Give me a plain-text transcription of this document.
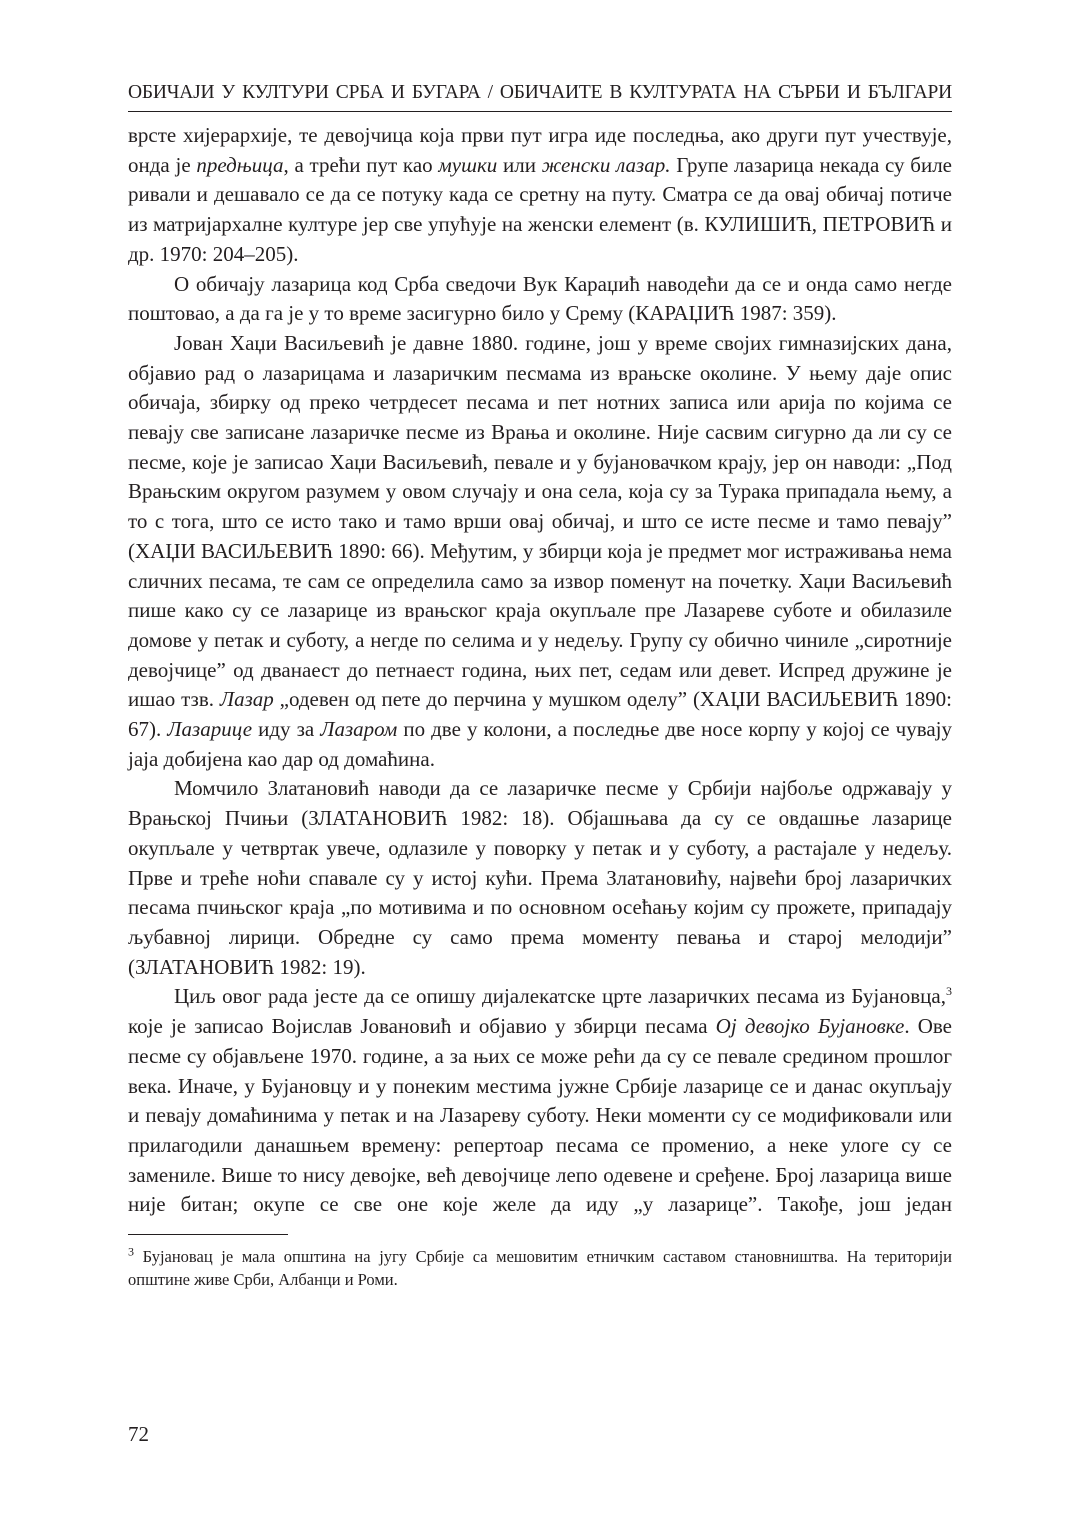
ОБИЧАЈИ У КУЛТУРИ СРБА И БУГАРА / ОБИЧАИТЕ В КУЛТУРАТА НА СЪРБИ И БЪЛГАРИ

врсте хијерархије, те девојчица која први пут игра иде последња, ако други пут учествује, онда је предњица, а трећи пут као мушки или женски лазар. Групе лазарица некада су биле ривали и дешавало се да се потуку када се сретну на путу. Сматра се да овај обичај потиче из матријархалне културе јер све упућује на женски елемент (в. КУЛИШИЋ, ПЕТРОВИЋ и др. 1970: 204–205).

О обичају лазарица код Срба сведочи Вук Караџић наводећи да се и онда само негде поштовао, а да га је у то време засигурно било у Срему (КАРАЏИЋ 1987: 359).

Јован Хаџи Васиљевић је давне 1880. године, још у време својих гимназијских дана, објавио рад о лазарицама и лазаричким песмама из врањске околине. У њему даје опис обичаја, збирку од преко четрдесет песама и пет нотних записа или арија по којима се певају све записане лазаричке песме из Врања и околине. Није сасвим сигурно да ли су се песме, које је записао Хаџи Васиљевић, певале и у бујановачком крају, јер он наводи: „Под Врањским округом разумем у овом случају и она села, која су за Турака припадала њему, а то с тога, што се исто тако и тамо врши овај обичај, и што се исте песме и тамо певају” (ХАЏИ ВАСИЉЕВИЋ 1890: 66). Међутим, у збирци која је предмет мог истраживања нема сличних песама, те сам се определила само за извор поменут на почетку. Хаџи Васиљевић пише како су се лазарице из врањског краја окупљале пре Лазареве суботе и обилазиле домове у петак и суботу, а негде по селима и у недељу. Групу су обично чиниле „сиротније девојчице” од дванаест до петнаест година, њих пет, седам или девет. Испред дружине је ишао тзв. Лазар „одевен од пете до перчина у мушком оделу” (ХАЏИ ВАСИЉЕВИЋ 1890: 67). Лазарице иду за Лазаром по две у колони, а последње две носе корпу у којој се чувају јаја добијена као дар од домаћина.

Момчило Златановић наводи да се лазаричке песме у Србији најбоље одржавају у Врањској Пчињи (ЗЛАТАНОВИЋ 1982: 18). Објашњава да су се овдашње лазарице окупљале у четвртак увече, одлазиле у поворку у петак и у суботу, а растајале у недељу. Прве и треће ноћи спавале су у истој кући. Према Златановићу, највећи број лазаричких песама пчињског краја „по мотивима и по основном осећању којим су прожете, припадају љубавној лирици. Обредне су само према моменту певања и старој мелодији” (ЗЛАТАНОВИЋ 1982: 19).

Циљ овог рада јесте да се опишу дијалекатске црте лазаричких песама из Бујановца,$^3$ које је записао Војислав Јовановић и објавио у збирци песама Ој девојко Бујановке. Ове песме су објављене 1970. године, а за њих се може рећи да су се певале средином прошлог века. Иначе, у Бујановцу и у понеким местима јужне Србије лазарице се и данас окупљају и певају домаћинима у петак и на Лазареву суботу. Неки моменти су се модификовали или прилагодили данашњем времену: репертоар песама се променио, а неке улоге су се замениле. Више то нису девојке, већ девојчице лепо одевене и сређене. Број лазарица више није битан; окупе се све оне које желе да иду „у лазарице”. Такође, још један

$^3$ Бујановац је мала општина на југу Србије са мешовитим етничким саставом становништва. На територији општине живе Срби, Албанци и Роми.
72
